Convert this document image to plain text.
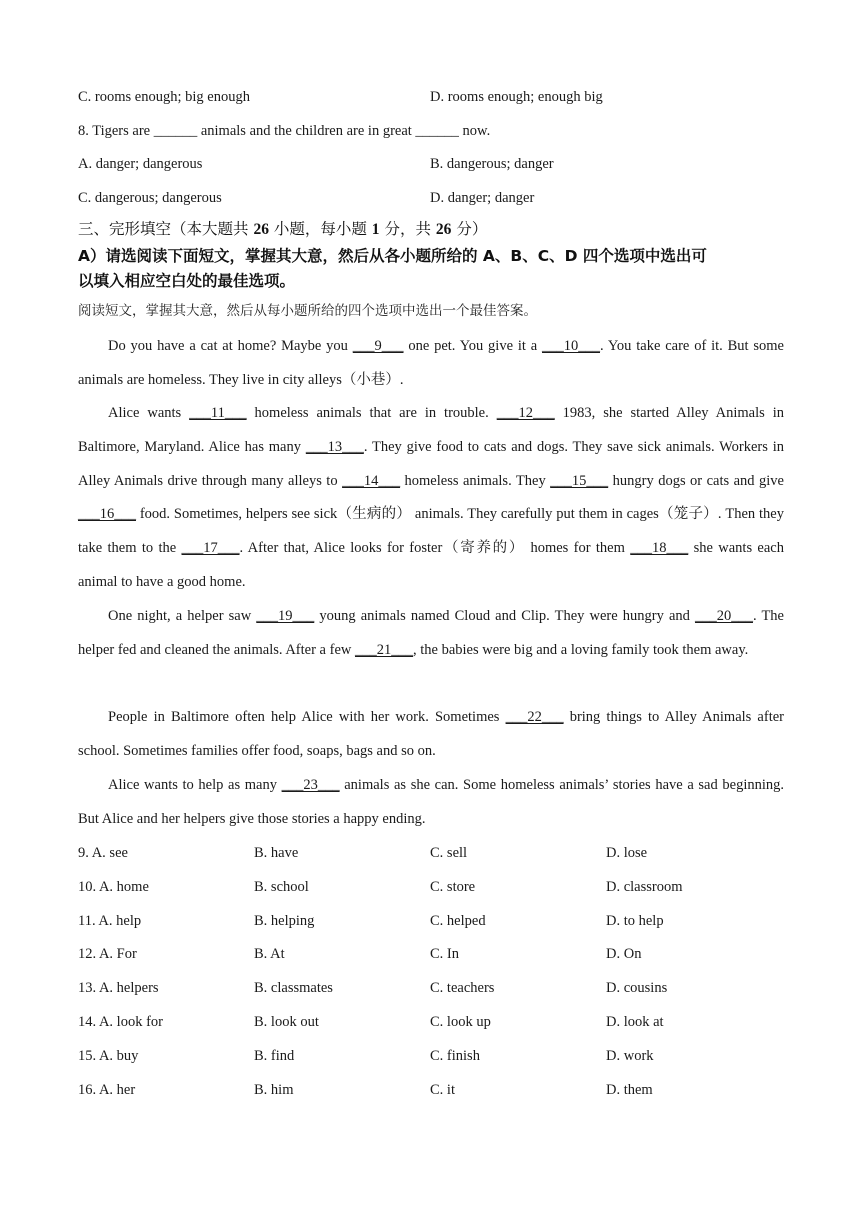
C. rooms enough; big enough	D. rooms enough; enough big
8. Tigers are ______ animals and the children are in great ______ now.
A. danger; dangerous	B. dangerous; danger
C. dangerous; dangerous	D. danger; danger
三、完形填空（本大题共 26 小题，每小题 1 分，共 26 分）
A）请选阅读下面短文，掌握其大意，然后从各小题所给的 A、B、C、D 四个选项中选出可
以填入相应空白处的最佳选项。
阅读短文，掌握其大意，然后从每小题所给的四个选项中选出一个最佳答案。
Do you have a cat at home? Maybe you ___9___ one pet. You give it a ___10___. You take care of it. But some animals are homeless. They live in city alleys（小巷）.
Alice wants ___11___ homeless animals that are in trouble. ___12___ 1983, she started Alley Animals in Baltimore, Maryland. Alice has many ___13___. They give food to cats and dogs. They save sick animals. Workers in Alley Animals drive through many alleys to ___14___ homeless animals. They ___15___ hungry dogs or cats and give ___16___ food. Sometimes, helpers see sick（生病的） animals. They carefully put them in cages（笼子）. Then they take them to the ___17___. After that, Alice looks for foster（寄养的） homes for them ___18___ she wants each animal to have a good home.
One night, a helper saw ___19___ young animals named Cloud and Clip. They were hungry and ___20___. The helper fed and cleaned the animals. After a few ___21___, the babies were big and a loving family took them away.
People in Baltimore often help Alice with her work. Sometimes ___22___ bring things to Alley Animals after school. Sometimes families offer food, soaps, bags and so on.
Alice wants to help as many ___23___ animals as she can. Some homeless animals’ stories have a sad beginning. But Alice and her helpers give those stories a happy ending.
9. A. see	B. have	C. sell	D. lose
10. A. home	B. school	C. store	D. classroom
11. A. help	B. helping	C. helped	D. to help
12. A. For	B. At	C. In	D. On
13. A. helpers	B. classmates	C. teachers	D. cousins
14. A. look for	B. look out	C. look up	D. look at
15. A. buy	B. find	C. finish	D. work
16. A. her	B. him	C. it	D. them
